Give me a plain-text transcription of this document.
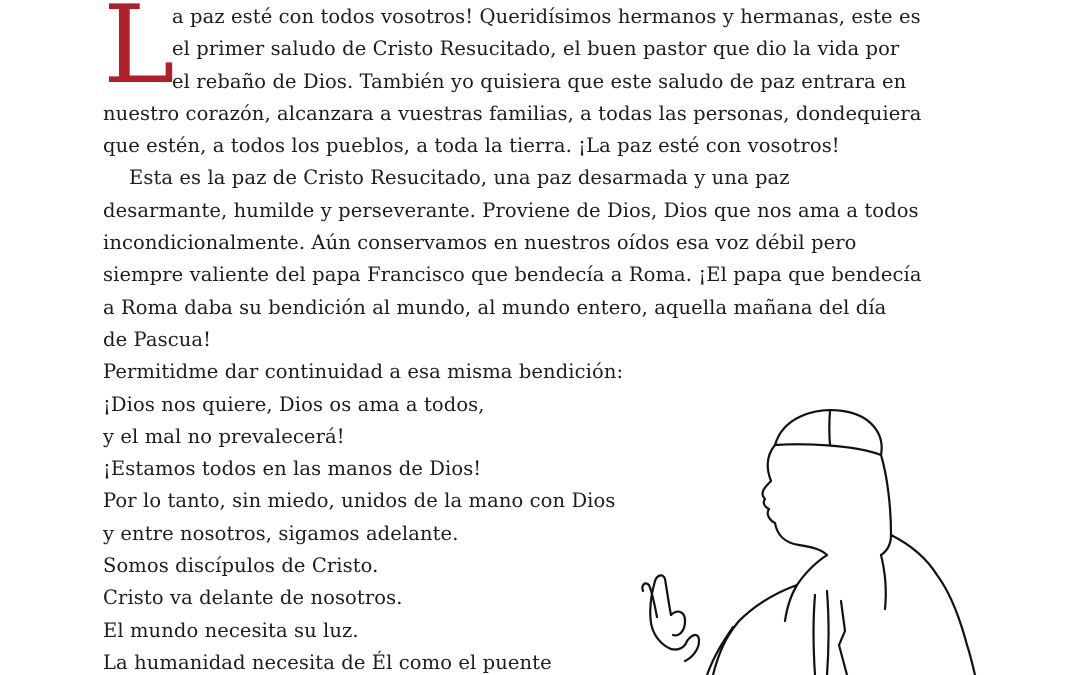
L
a paz esté con todos vosotros! Queridísimos hermanos y hermanas, este es
el primer saludo de Cristo Resucitado, el buen pastor que dio la vida por
el rebaño de Dios. También yo quisiera que este saludo de paz entrara en
nuestro corazón, alcanzara a vuestras familias, a todas las personas, dondequiera
que estén, a todos los pueblos, a toda la tierra. ¡La paz esté con vosotros!
Esta es la paz de Cristo Resucitado, una paz desarmada y una paz
desarmante, humilde y perseverante. Proviene de Dios, Dios que nos ama a todos
incondicionalmente. Aún conservamos en nuestros oídos esa voz débil pero
siempre valiente del papa Francisco que bendecía a Roma. ¡El papa que bendecía
a Roma daba su bendición al mundo, al mundo entero, aquella mañana del día
de Pascua!
Permitidme dar continuidad a esa misma bendición:
¡Dios nos quiere, Dios os ama a todos,
y el mal no prevalecerá!
¡Estamos todos en las manos de Dios!
Por lo tanto, sin miedo, unidos de la mano con Dios
y entre nosotros, sigamos adelante.
Somos discípulos de Cristo.
Cristo va delante de nosotros.
El mundo necesita su luz.
La humanidad necesita de Él como el puente
